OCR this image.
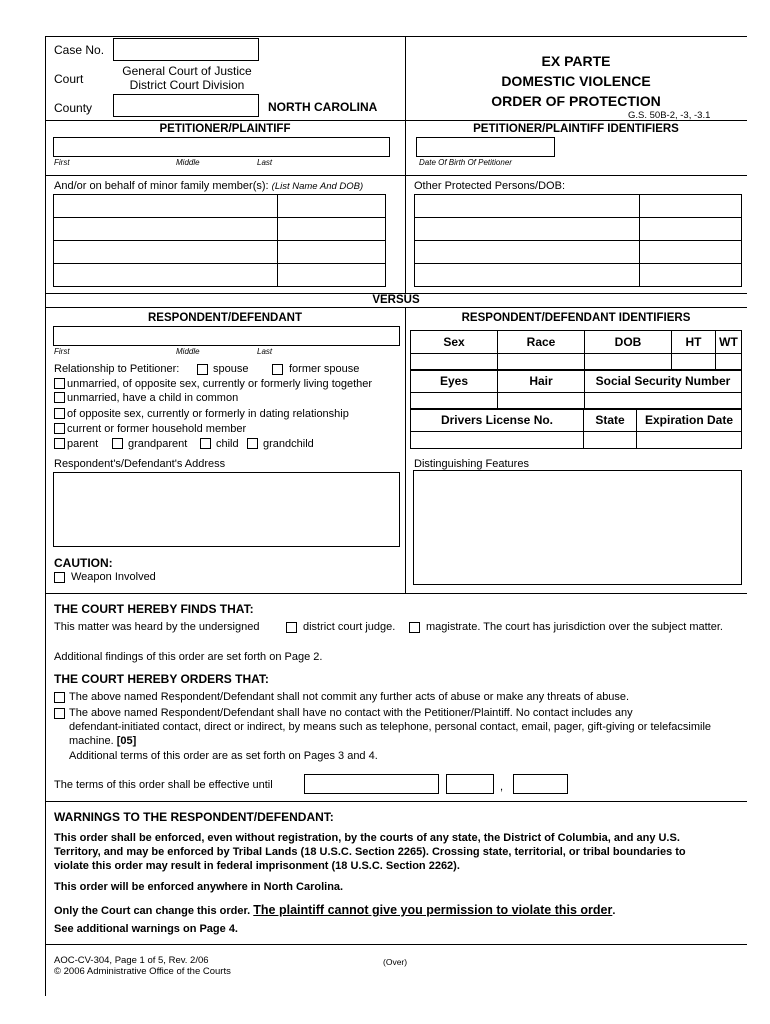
Case No.
Court
General Court of Justice
District Court Division
County	NORTH CAROLINA
EX PARTE
DOMESTIC VIOLENCE
ORDER OF PROTECTION
G.S. 50B-2, -3, -3.1
PETITIONER/PLAINTIFF
First	Middle	Last
PETITIONER/PLAINTIFF IDENTIFIERS
Date Of Birth Of Petitioner
And/or on behalf of minor family member(s): (List Name And DOB)

		Other Protected Persons/DOB:

VERSUS
RESPONDENT/DEFENDANT
First	Middle	Last
Relationship to Petitioner:	spouse	former spouse
unmarried, of opposite sex, currently or formerly living together
unmarried, have a child in common
of opposite sex, currently or formerly in dating relationship
current or former household member
parent	grandparent	child grandchild
Respondent's/Defendant's Address
CAUTION:
Weapon Involved
RESPONDENT/DEFENDANT IDENTIFIERS
Sex	Race	DOB	HT	WT

Eyes	Hair	Social Security Number

Drivers License No.	State	Expiration Date

Distinguishing Features
THE COURT HEREBY FINDS THAT:
This matter was heard by the undersigned	district court judge.	magistrate. The court has jurisdiction over the subject matter.
Additional findings of this order are set forth on Page 2.
THE COURT HEREBY ORDERS THAT:
The above named Respondent/Defendant shall not commit any further acts of abuse or make any threats of abuse.
The above named Respondent/Defendant shall have no contact with the Petitioner/Plaintiff. No contact includes any
defendant-initiated contact, direct or indirect, by means such as telephone, personal contact, email, pager, gift-giving or telefacsimile
machine. [05]
Additional terms of this order are as set forth on Pages 3 and 4.
The terms of this order shall be effective until	,
WARNINGS TO THE RESPONDENT/DEFENDANT:
This order shall be enforced, even without registration, by the courts of any state, the District of Columbia, and any U.S.
Territory, and may be enforced by Tribal Lands (18 U.S.C. Section 2265). Crossing state, territorial, or tribal boundaries to
violate this order may result in federal imprisonment (18 U.S.C. Section 2262).
This order will be enforced anywhere in North Carolina.
Only the Court can change this order. The plaintiff cannot give you permission to violate this order.
See additional warnings on Page 4.
AOC-CV-304, Page 1 of 5, Rev. 2/06
© 2006 Administrative Office of the Courts
(Over)
